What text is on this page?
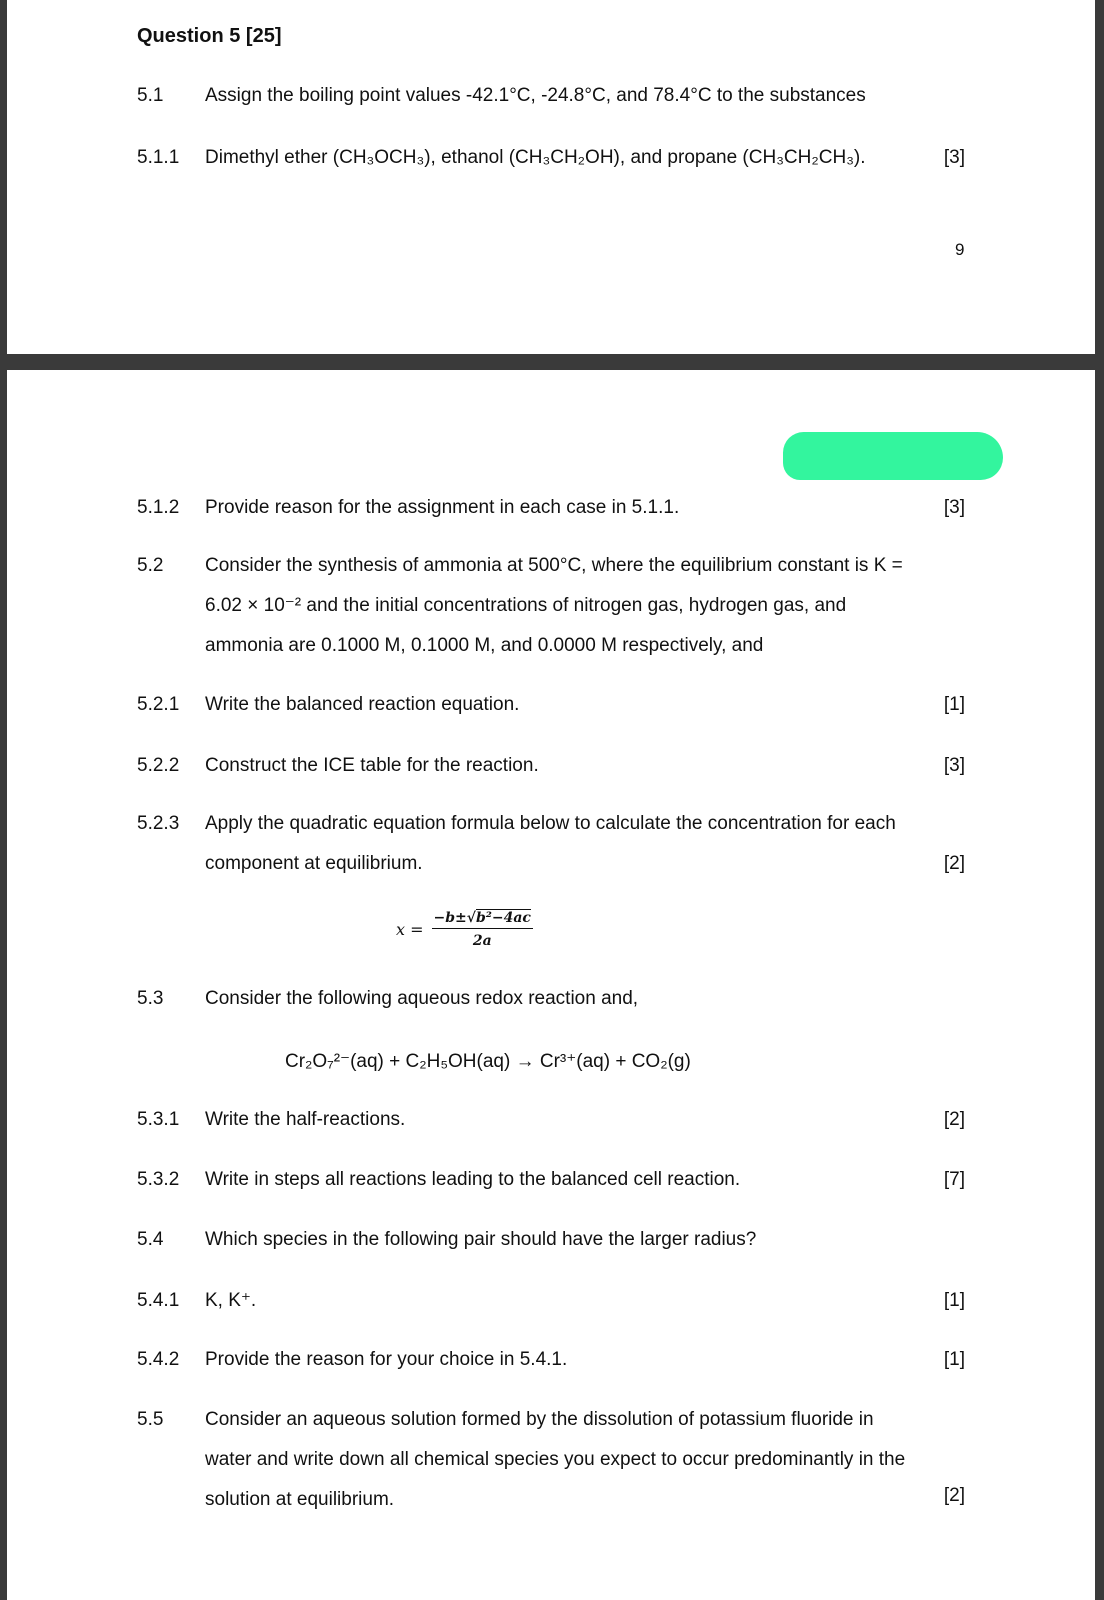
Question 5 [25]
5.1 Assign the boiling point values -42.1°C, -24.8°C, and 78.4°C to the substances
5.1.1 Dimethyl ether (CH₃OCH₃), ethanol (CH₃CH₂OH), and propane (CH₃CH₂CH₃).	[3]
9
5.1.2 Provide reason for the assignment in each case in 5.1.1.	[3]
5.2 Consider the synthesis of ammonia at 500°C, where the equilibrium constant is K =
6.02 × 10⁻² and the initial concentrations of nitrogen gas, hydrogen gas, and
ammonia are 0.1000 M, 0.1000 M, and 0.0000 M respectively, and
5.2.1 Write the balanced reaction equation.	[1]
5.2.2 Construct the ICE table for the reaction.	[3]
5.2.3 Apply the quadratic equation formula below to calculate the concentration for each
component at equilibrium.	[2]
$x = \frac{\text{−b±√b²−4ac}}{2a}$
5.3 Consider the following aqueous redox reaction and,
Cr₂O₇²⁻(aq) + C₂H₅OH(aq) → Cr³⁺(aq) + CO₂(g)
5.3.1 Write the half-reactions.	[2]
5.3.2 Write in steps all reactions leading to the balanced cell reaction.	[7]
5.4 Which species in the following pair should have the larger radius?
5.4.1 K, K⁺.	[1]
5.4.2 Provide the reason for your choice in 5.4.1.	[1]
5.5 Consider an aqueous solution formed by the dissolution of potassium fluoride in
water and write down all chemical species you expect to occur predominantly in the
solution at equilibrium.	[2]
